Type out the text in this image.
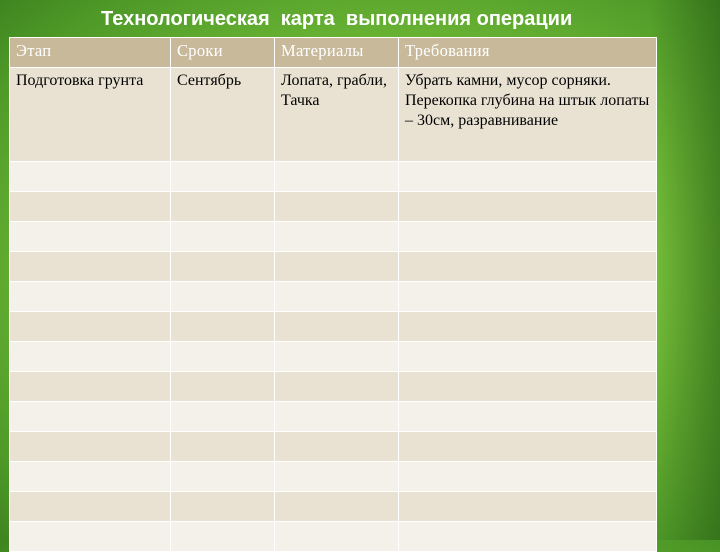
Технологическая  карта  выполнения операции
Этап	Сроки	Материалы	Требования
Подготовка грунта	Сентябрь	Лопата, грабли, Тачка	Убрать камни, мусор сорняки. Перекопка глубина на штык лопаты – 30см, разравнивание
